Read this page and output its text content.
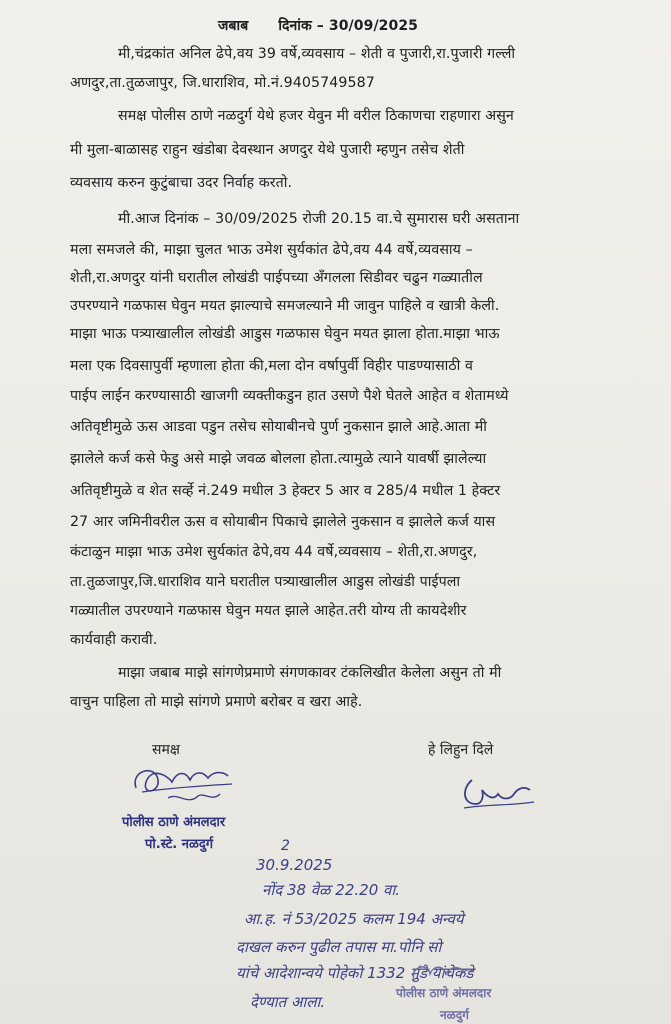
जबाब दिनांक – 30/09/2025
मी,चंद्रकांत अनिल ढेपे,वय 39 वर्षे,व्यवसाय – शेती व पुजारी,रा.पुजारी गल्ली
अणदुर,ता.तुळजापुर, जि.धाराशिव, मो.नं.9405749587
समक्ष पोलीस ठाणे नळदुर्ग येथे हजर येवुन मी वरील ठिकाणचा राहणारा असुन
मी मुला-बाळासह राहुन खंडोबा देवस्थान अणदुर येथे पुजारी म्हणुन तसेच शेती
व्यवसाय करुन कुटुंबाचा उदर निर्वाह करतो.
मी.आज दिनांक – 30/09/2025 रोजी 20.15 वा.चे सुमारास घरी असताना
मला समजले की, माझा चुलत भाऊ उमेश सुर्यकांत ढेपे,वय 44 वर्षे,व्यवसाय –
शेती,रा.अणदुर यांनी घरातील लोखंडी पाईपच्या अँगलला सिडीवर चढुन गळ्यातील
उपरण्याने गळफास घेवुन मयत झाल्याचे समजल्याने मी जावुन पाहिले व खात्री केली.
माझा भाऊ पत्र्याखालील लोखंडी आडुस गळफास घेवुन मयत झाला होता.माझा भाऊ
मला एक दिवसापुर्वी म्हणाला होता की,मला दोन वर्षापुर्वी विहीर पाडण्यासाठी व
पाईप लाईन करण्यासाठी खाजगी व्यक्तीकडुन हात उसणे पैशे घेतले आहेत व शेतामध्ये
अतिवृष्टीमुळे ऊस आडवा पडुन तसेच सोयाबीनचे पुर्ण नुकसान झाले आहे.आता मी
झालेले कर्ज कसे फेडु असे माझे जवळ बोलला होता.त्यामुळे त्याने यावर्षी झालेल्या
अतिवृष्टीमुळे व शेत सर्व्हे नं.249 मधील 3 हेक्टर 5 आर व 285/4 मधील 1 हेक्टर
27 आर जमिनीवरील ऊस व सोयाबीन पिकाचे झालेले नुकसान व झालेले कर्ज यास
कंटाळुन माझा भाऊ उमेश सुर्यकांत ढेपे,वय 44 वर्षे,व्यवसाय – शेती,रा.अणदुर,
ता.तुळजापुर,जि.धाराशिव याने घरातील पत्र्याखालील आडुस लोखंडी पाईपला
गळ्यातील उपरण्याने गळफास घेवुन मयत झाले आहेत.तरी योग्य ती कायदेशीर
कार्यवाही करावी.
माझा जबाब माझे सांगणेप्रमाणे संगणकावर टंकलिखीत केलेला असुन तो मी
वाचुन पाहिला तो माझे सांगणे प्रमाणे बरोबर व खरा आहे.
समक्ष	हे लिहुन दिले
पोलीस ठाणे अंमलदार
पो.स्टे. नळदुर्ग	2
30.9.2025
नोंद 38 वेळ 22.20 वा.
आ.ह. नं 53/2025 कलम 194 अन्वये
दाखल करुन पुढील तपास मा.पोनि सो
यांचे आदेशान्वये पोहेको 1332 मुंडे यांचेकडे
देण्यात आला.	पोलीस ठाणे अंमलदार
नळदुर्ग
